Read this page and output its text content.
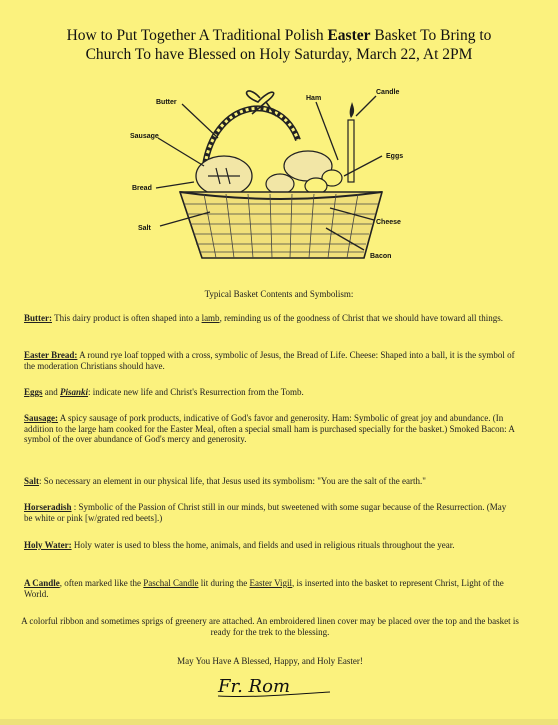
How to Put Together A Traditional Polish Easter Basket To Bring to
Church To have Blessed on Holy Saturday, March 22, At 2PM
Butter
Sausage
Bread
Salt
Ham
Candle
Eggs
Cheese
Bacon
Typical Basket Contents and Symbolism:
Butter: This dairy product is often shaped into a lamb, reminding us of the goodness of Christ that we should have toward all things.
Easter Bread: A round rye loaf topped with a cross, symbolic of Jesus, the Bread of Life. Cheese: Shaped into a ball, it is the symbol of the moderation Christians should have.
Eggs and Pisanki: indicate new life and Christ's Resurrection from the Tomb.
Sausage: A spicy sausage of pork products, indicative of God's favor and generosity. Ham: Symbolic of great joy and abundance. (In addition to the large ham cooked for the Easter Meal, often a special small ham is purchased specially for the basket.) Smoked Bacon: A symbol of the over abundance of God's mercy and generosity.
Salt: So necessary an element in our physical life, that Jesus used its symbolism: "You are the salt of the earth."
Horseradish : Symbolic of the Passion of Christ still in our minds, but sweetened with some sugar because of the Resurrection. (May be white or pink [w/grated red beets].)
Holy Water: Holy water is used to bless the home, animals, and fields and used in religious rituals throughout the year.
A Candle, often marked like the Paschal Candle lit during the Easter Vigil, is inserted into the basket to represent Christ, Light of the World.
A colorful ribbon and sometimes sprigs of greenery are attached. An embroidered linen cover may be placed over the top and the basket is ready for the trek to the blessing.
May You Have A Blessed, Happy, and Holy Easter!
Fr. Rom
